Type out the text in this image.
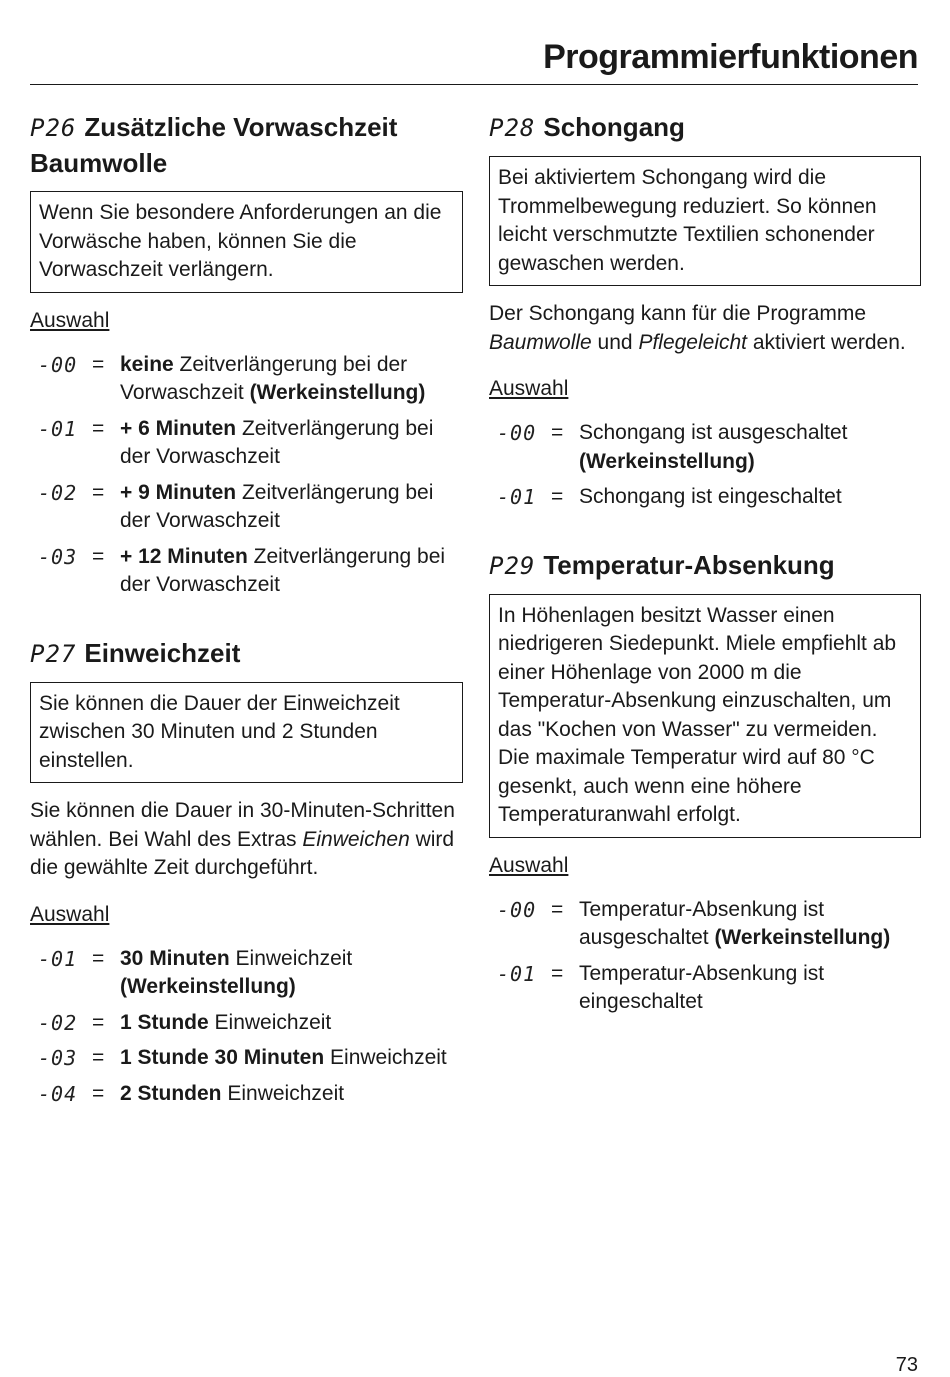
Programmierfunktionen
P26 Zusätzliche Vorwaschzeit Baumwolle
Wenn Sie besondere Anforderungen an die Vorwäsche haben, können Sie die Vorwaschzeit verlängern.
Auswahl
-00 = keine Zeitverlängerung bei der Vorwaschzeit (Werkeinstellung)
-01 = + 6 Minuten Zeitverlängerung bei der Vorwaschzeit
-02 = + 9 Minuten Zeitverlängerung bei der Vorwaschzeit
-03 = + 12 Minuten Zeitverlängerung bei der Vorwaschzeit
P27 Einweichzeit
Sie können die Dauer der Einweichzeit zwischen 30 Minuten und 2 Stunden einstellen.

Sie können die Dauer in 30-Minuten-Schritten wählen. Bei Wahl des Extras Einweichen wird die gewählte Zeit durchgeführt.

Auswahl
-01 = 30 Minuten Einweichzeit (Werkeinstellung)
-02 = 1 Stunde Einweichzeit
-03 = 1 Stunde 30 Minuten Einweichzeit
-04 = 2 Stunden Einweichzeit
P28 Schongang
Bei aktiviertem Schongang wird die Trommelbewegung reduziert. So können leicht verschmutzte Textilien schonender gewaschen werden.

Der Schongang kann für die Programme Baumwolle und Pflegeleicht aktiviert werden.

Auswahl
-00 = Schongang ist ausgeschaltet (Werkeinstellung)
-01 = Schongang ist eingeschaltet
P29 Temperatur-Absenkung
In Höhenlagen besitzt Wasser einen niedrigeren Siedepunkt. Miele empfiehlt ab einer Höhenlage von 2000 m die Temperatur-Absenkung einzuschalten, um das "Kochen von Wasser" zu vermeiden. Die maximale Temperatur wird auf 80 °C gesenkt, auch wenn eine höhere Temperaturanwahl erfolgt.
Auswahl
-00 = Temperatur-Absenkung ist ausgeschaltet (Werkeinstellung)
-01 = Temperatur-Absenkung ist eingeschaltet
73
